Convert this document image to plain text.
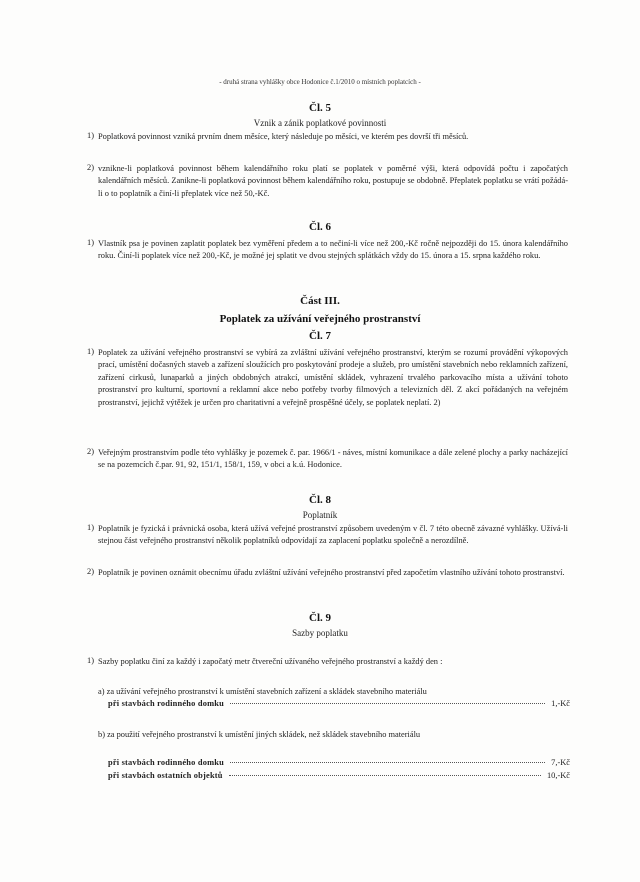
- druhá strana vyhlášky obce Hodonice č.1/2010 o místních poplatcích -
Čl. 5
Vznik a zánik poplatkové povinnosti
1) Poplatková povinnost vzniká prvním dnem měsíce, který následuje po měsíci, ve kterém pes dovrší tři měsíců.
2) vznikne-li poplatková povinnost během kalendářního roku platí se poplatek v poměrné výši, která odpovídá počtu i započatých kalendářních měsíců. Zanikne-li poplatková povinnost během kalendářního roku, postupuje se obdobně. Přeplatek poplatku se vrátí požádá-li o to poplatník a činí-li přeplatek více než 50,-Kč.
Čl. 6
1) Vlastník psa je povinen zaplatit poplatek bez vyměření předem a to nečiní-li více než 200,-Kč ročně nejpozději do 15. února kalendářního roku. Činí-li poplatek více než 200,-Kč, je možné jej splatit ve dvou stejných splátkách vždy do 15. února a 15. srpna každého roku.
Část III.
Poplatek za užívání veřejného prostranství
Čl. 7
1) Poplatek za užívání veřejného prostranství se vybírá za zvláštní užívání veřejného prostranství, kterým se rozumí provádění výkopových prací, umístění dočasných staveb a zařízení sloužících pro poskytování prodeje a služeb, pro umístění stavebních nebo reklamních zařízení, zařízení cirkusů, lunaparků a jiných obdobných atrakcí, umístění skládek, vyhrazení trvalého parkovacího místa a užívání tohoto prostranství pro kulturní, sportovní a reklamní akce nebo potřeby tvorby filmových a televizních děl. Z akcí pořádaných na veřejném prostranství, jejichž výtěžek je určen pro charitativní a veřejně prospěšné účely, se poplatek neplatí. 2)
2) Veřejným prostranstvím podle této vyhlášky je pozemek č. par. 1966/1 - náves, místní komunikace a dále zelené plochy a parky nacházející se na pozemcích č.par. 91, 92, 151/1, 158/1, 159, v obci a k.ú. Hodonice.
Čl. 8
Poplatník
1) Poplatník je fyzická i právnická osoba, která užívá veřejné prostranství způsobem uvedeným v čl. 7 této obecně závazné vyhlášky. Užívá-li stejnou část veřejného prostranství několik poplatníků odpovídají za zaplacení poplatku společně a nerozdílně.
2) Poplatník je povinen oznámit obecnímu úřadu zvláštní užívání veřejného prostranství před započetím vlastního užívání tohoto prostranství.
Čl. 9
Sazby poplatku
1) Sazby poplatku činí za každý i započatý metr čtvereční užívaného veřejného prostranství a každý den :
a) za užívání veřejného prostranství k umístění stavebních zařízení a skládek stavebního materiálu
při stavbách rodinného domku	1,-Kč
b) za použití veřejného prostranství k umístění jiných skládek, než skládek stavebního materiálu
při stavbách rodinného domku	7,-Kč
při stavbách ostatních objektů	10,-Kč
